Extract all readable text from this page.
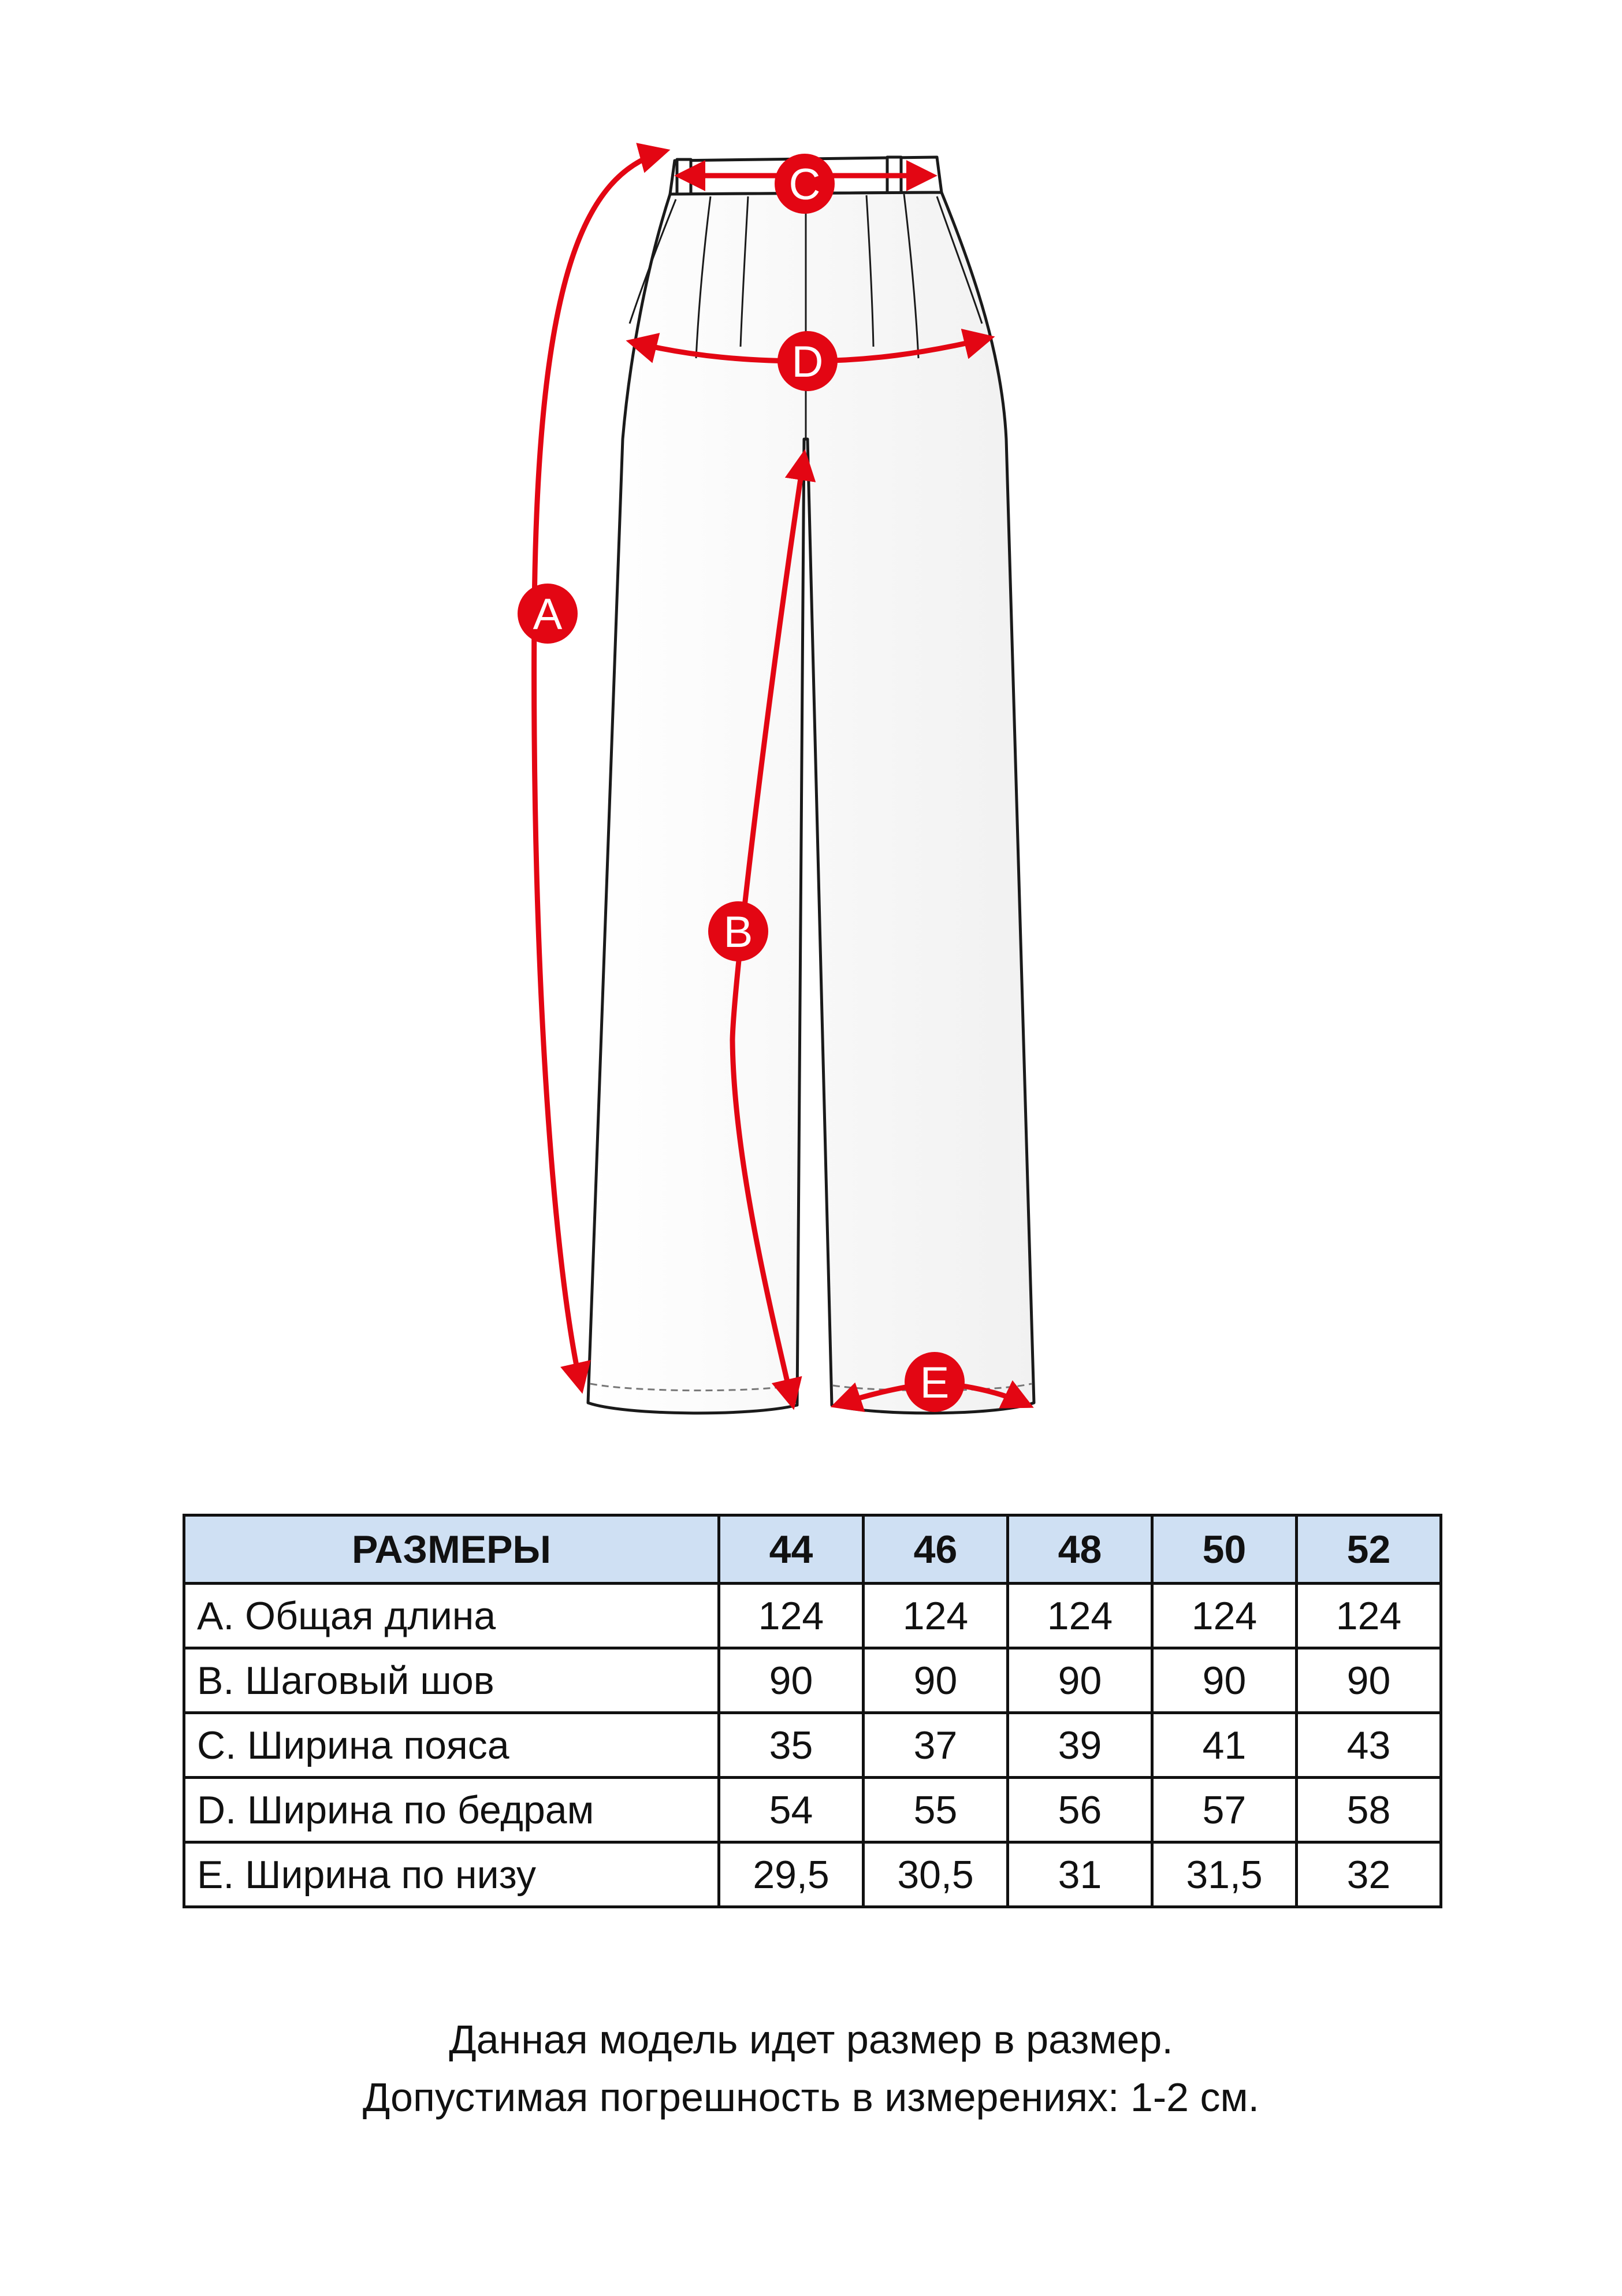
A
B
C
D
E
РАЗМЕРЫ	44	46	48	50	52
A. Общая длина	124	124	124	124	124
B. Шаговый шов	90	90	90	90	90
C. Ширина пояса	35	37	39	41	43
D. Ширина по бедрам	54	55	56	57	58
E. Ширина по низу	29,5	30,5	31	31,5	32
Данная модель идет размер в размер.
Допустимая погрешность в измерениях: 1-2 см.
